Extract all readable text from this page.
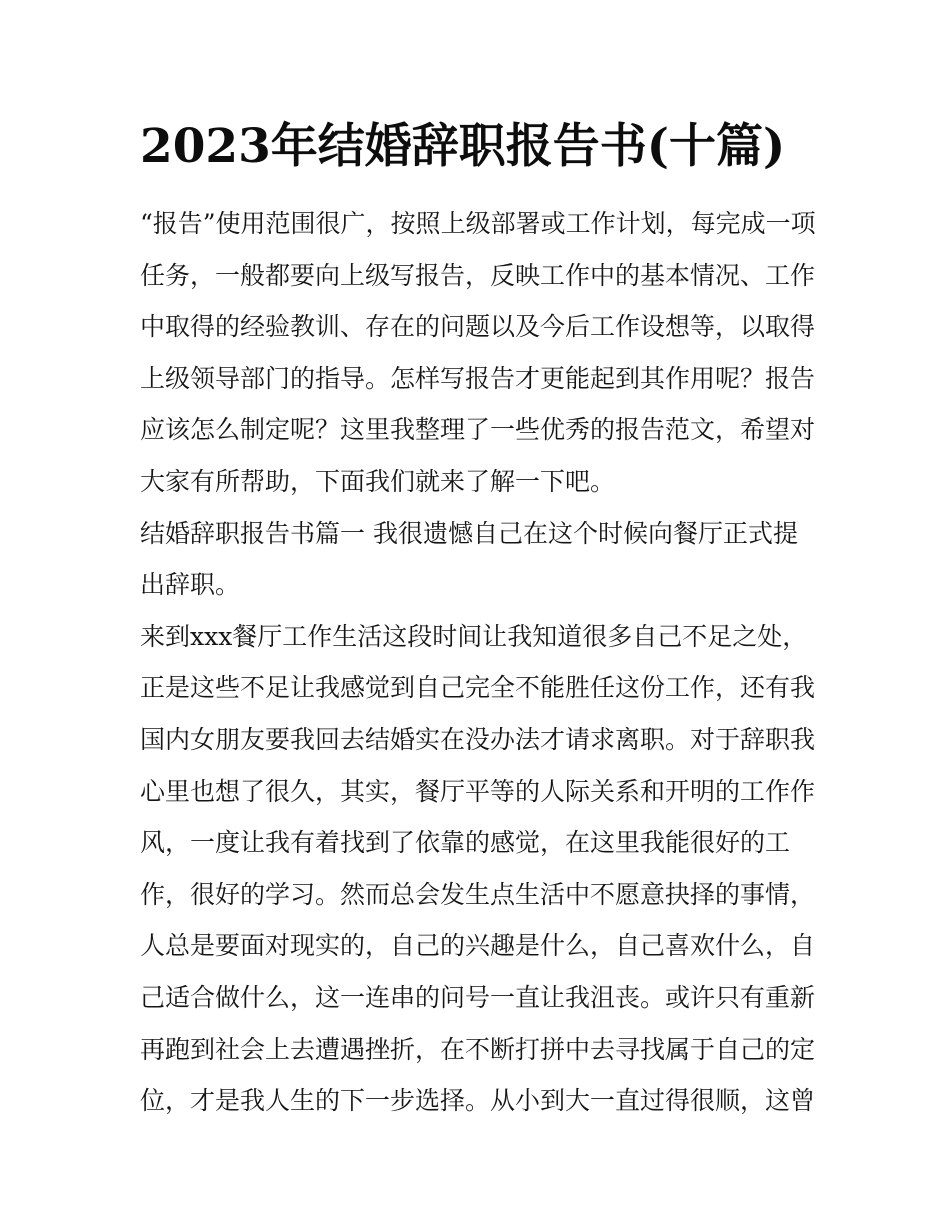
2023年结婚辞职报告书(十篇)
“报告”使用范围很广，按照上级部署或工作计划，每完成一项
任务，一般都要向上级写报告，反映工作中的基本情况、工作
中取得的经验教训、存在的问题以及今后工作设想等，以取得
上级领导部门的指导。怎样写报告才更能起到其作用呢？报告
应该怎么制定呢？这里我整理了一些优秀的报告范文，希望对
大家有所帮助，下面我们就来了解一下吧。
结婚辞职报告书篇一 我很遗憾自己在这个时候向餐厅正式提
出辞职。
来到xxx餐厅工作生活这段时间让我知道很多自己不足之处，
正是这些不足让我感觉到自己完全不能胜任这份工作，还有我
国内女朋友要我回去结婚实在没办法才请求离职。对于辞职我
心里也想了很久，其实，餐厅平等的人际关系和开明的工作作
风，一度让我有着找到了依靠的感觉，在这里我能很好的工
作，很好的学习。然而总会发生点生活中不愿意抉择的事情，
人总是要面对现实的，自己的兴趣是什么，自己喜欢什么，自
己适合做什么，这一连串的问号一直让我沮丧。或许只有重新
再跑到社会上去遭遇挫折，在不断打拼中去寻找属于自己的定
位，才是我人生的下一步选择。从小到大一直过得很顺，这曾
